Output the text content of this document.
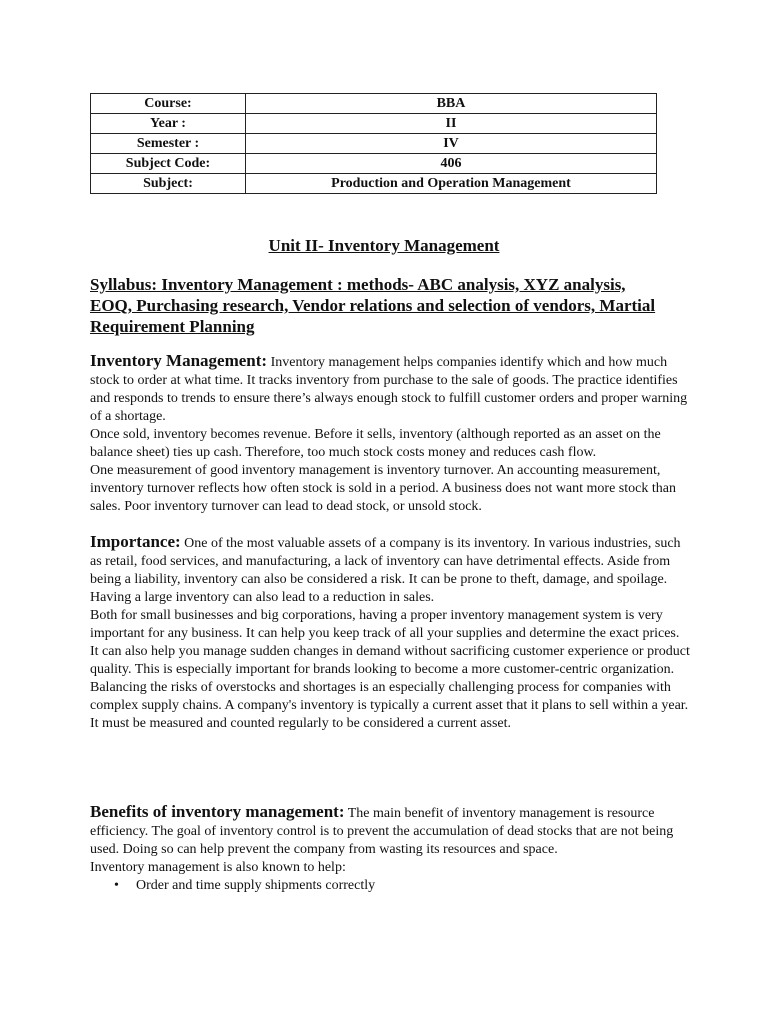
Course:	BBA
Year :	II
Semester :	IV
Subject Code:	406
Subject:	Production and Operation Management
Unit II- Inventory Management
Syllabus: Inventory Management : methods- ABC analysis, XYZ analysis, EOQ, Purchasing research, Vendor relations and selection of vendors, Martial Requirement Planning

Inventory Management: Inventory management helps companies identify which and how much stock to order at what time. It tracks inventory from purchase to the sale of goods. The practice identifies and responds to trends to ensure there’s always enough stock to fulfill customer orders and proper warning of a shortage.

Once sold, inventory becomes revenue. Before it sells, inventory (although reported as an asset on the balance sheet) ties up cash. Therefore, too much stock costs money and reduces cash flow.

One measurement of good inventory management is inventory turnover. An accounting measurement, inventory turnover reflects how often stock is sold in a period. A business does not want more stock than sales. Poor inventory turnover can lead to dead stock, or unsold stock.

Importance: One of the most valuable assets of a company is its inventory. In various industries, such as retail, food services, and manufacturing, a lack of inventory can have detrimental effects. Aside from being a liability, inventory can also be considered a risk. It can be prone to theft, damage, and spoilage. Having a large inventory can also lead to a reduction in sales.

Both for small businesses and big corporations, having a proper inventory management system is very important for any business. It can help you keep track of all your supplies and determine the exact prices. It can also help you manage sudden changes in demand without sacrificing customer experience or product quality. This is especially important for brands looking to become a more customer-centric organization.

Balancing the risks of overstocks and shortages is an especially challenging process for companies with complex supply chains. A company's inventory is typically a current asset that it plans to sell within a year. It must be measured and counted regularly to be considered a current asset.

Benefits of inventory management: The main benefit of inventory management is resource efficiency. The goal of inventory control is to prevent the accumulation of dead stocks that are not being used. Doing so can help prevent the company from wasting its resources and space.

Inventory management is also known to help:

• Order and time supply shipments correctly
